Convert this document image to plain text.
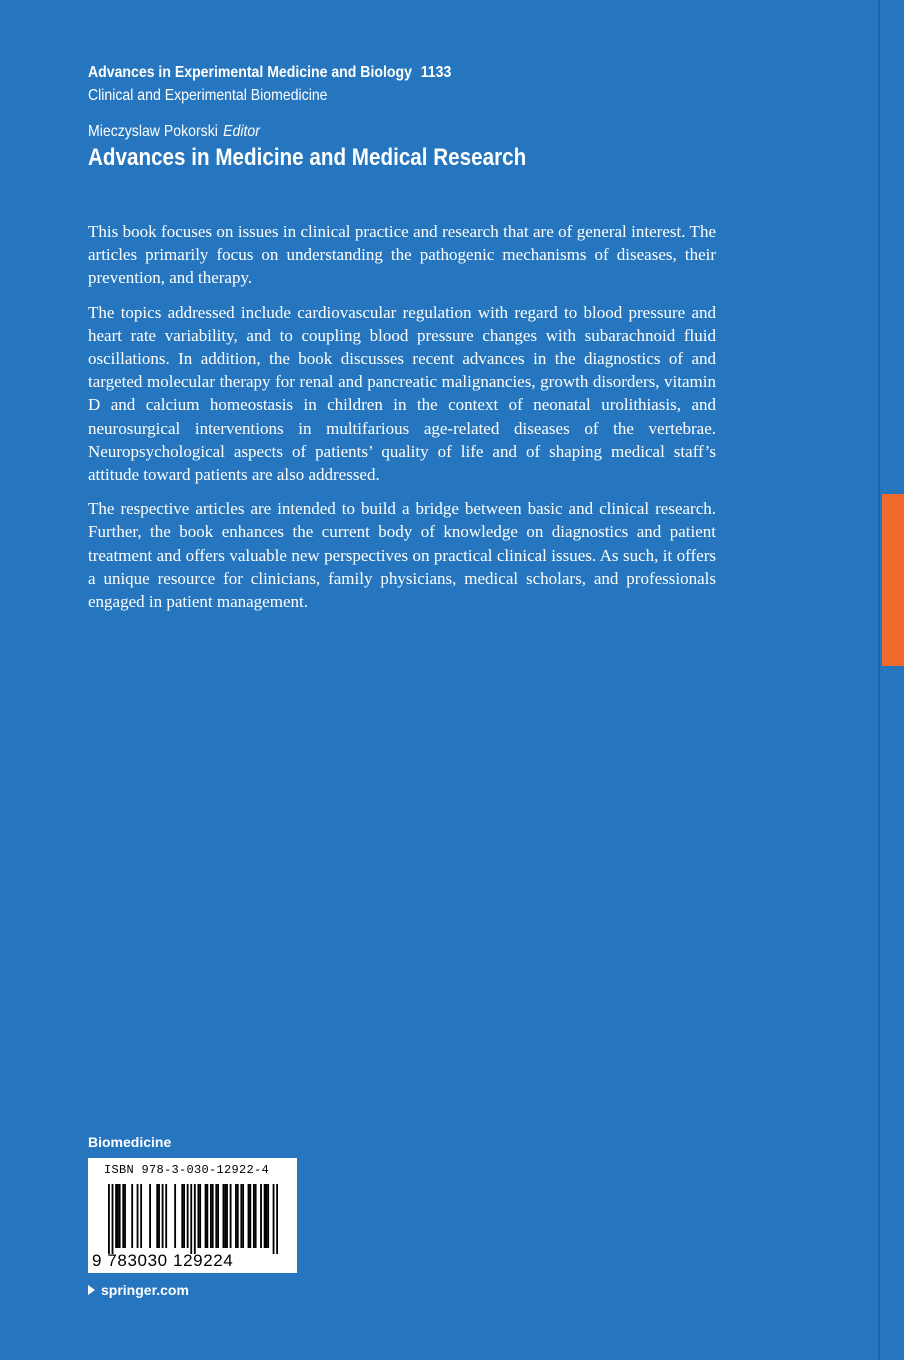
Advances in Experimental Medicine and Biology 1133
Clinical and Experimental Biomedicine
Mieczyslaw Pokorski Editor
Advances in Medicine and Medical Research

This book focuses on issues in clinical practice and research that are of general interest. The articles primarily focus on understanding the pathogenic mechanisms of diseases, their prevention, and therapy.

The topics addressed include cardiovascular regulation with regard to blood pressure and heart rate variability, and to coupling blood pressure changes with subarachnoid fluid oscillations. In addition, the book discusses recent advances in the diagnostics of and targeted molecular therapy for renal and pancreatic malignancies, growth disorders, vitamin D and calcium homeostasis in children in the context of neonatal urolithiasis, and neurosurgical interventions in multifarious age-related diseases of the vertebrae. Neuropsychological aspects of patients’ quality of life and of shaping medical staff’s attitude toward patients are also addressed.

The respective articles are intended to build a bridge between basic and clinical research. Further, the book enhances the current body of knowledge on diagnostics and patient treatment and offers valuable new perspectives on practical clinical issues. As such, it offers a unique resource for clinicians, family physicians, medical scholars, and professionals engaged in patient management.

Biomedicine
ISBN 978-3-030-12922-4
9 783030 129224
springer.com
